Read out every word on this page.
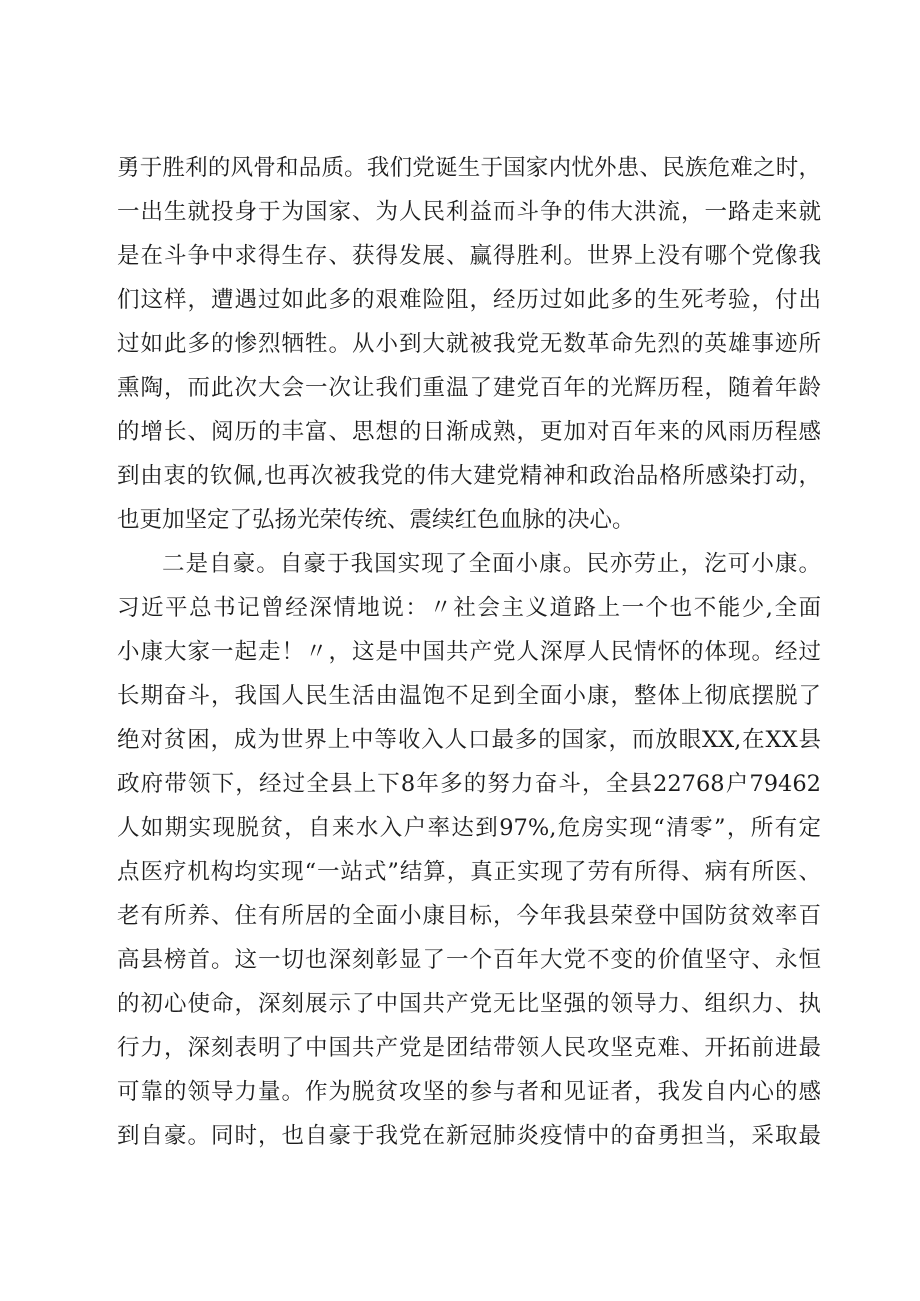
勇于胜利的风骨和品质。我们党诞生于国家内忧外患、民族危难之时，
一出生就投身于为国家、为人民利益而斗争的伟大洪流，一路走来就
是在斗争中求得生存、获得发展、赢得胜利。世界上没有哪个党像我
们这样，遭遇过如此多的艰难险阻，经历过如此多的生死考验，付出
过如此多的惨烈牺牲。从小到大就被我党无数革命先烈的英雄事迹所
熏陶，而此次大会一次让我们重温了建党百年的光辉历程，随着年龄
的增长、阅历的丰富、思想的日渐成熟，更加对百年来的风雨历程感
到由衷的钦佩,也再次被我党的伟大建党精神和政治品格所感染打动，
也更加坚定了弘扬光荣传统、震续红色血脉的决心。
二是自豪。自豪于我国实现了全面小康。民亦劳止，汔可小康。
习近平总书记曾经深情地说：〃社会主义道路上一个也不能少,全面
小康大家一起走！〃，这是中国共产党人深厚人民情怀的体现。经过
长期奋斗，我国人民生活由温饱不足到全面小康，整体上彻底摆脱了
绝对贫困，成为世界上中等收入人口最多的国家，而放眼XX,在XX县
政府带领下，经过全县上下8年多的努力奋斗，全县22768户79462
人如期实现脱贫，自来水入户率达到97%,危房实现“清零”，所有定
点医疗机构均实现“一站式”结算，真正实现了劳有所得、病有所医、
老有所养、住有所居的全面小康目标，今年我县荣登中国防贫效率百
高县榜首。这一切也深刻彰显了一个百年大党不变的价值坚守、永恒
的初心使命，深刻展示了中国共产党无比坚强的领导力、组织力、执
行力，深刻表明了中国共产党是团结带领人民攻坚克难、开拓前进最
可靠的领导力量。作为脱贫攻坚的参与者和见证者，我发自内心的感
到自豪。同时，也自豪于我党在新冠肺炎疫情中的奋勇担当，采取最
